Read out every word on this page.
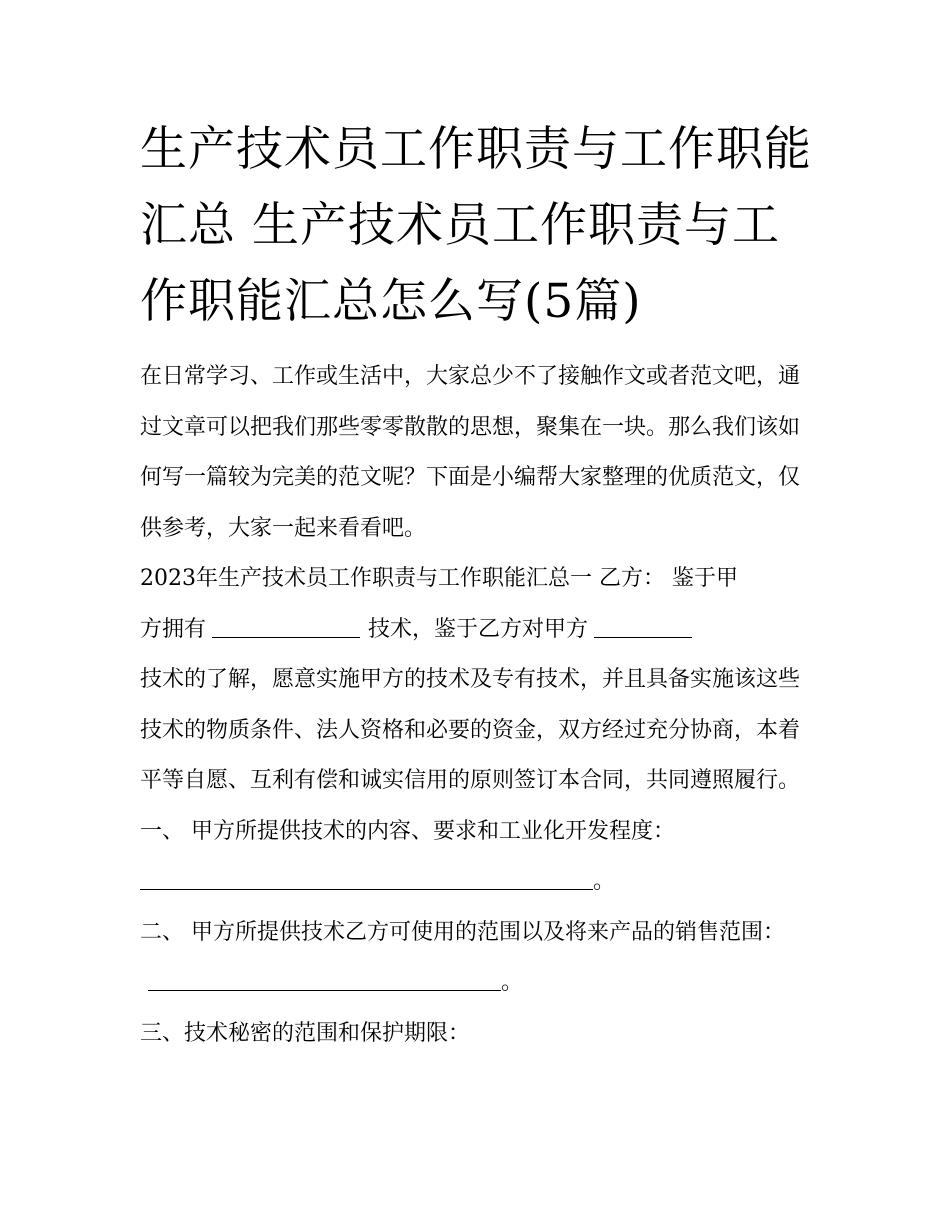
生产技术员工作职责与工作职能汇总 生产技术员工作职责与工作职能汇总怎么写(5篇)

在日常学习、工作或生活中，大家总少不了接触作文或者范文吧，通过文章可以把我们那些零零散散的思想，聚集在一块。那么我们该如何写一篇较为完美的范文呢？下面是小编帮大家整理的优质范文，仅供参考，大家一起来看看吧。

2023年生产技术员工作职责与工作职能汇总一 乙方： 鉴于甲

方拥有	技术，鉴于乙方对甲方

技术的了解，愿意实施甲方的技术及专有技术，并且具备实施该这些技术的物质条件、法人资格和必要的资金，双方经过充分协商，本着平等自愿、互利有偿和诚实信用的原则签订本合同，共同遵照履行。

一、 甲方所提供技术的内容、要求和工业化开发程度：

。

二、 甲方所提供技术乙方可使用的范围以及将来产品的销售范围：。

三、技术秘密的范围和保护期限：
